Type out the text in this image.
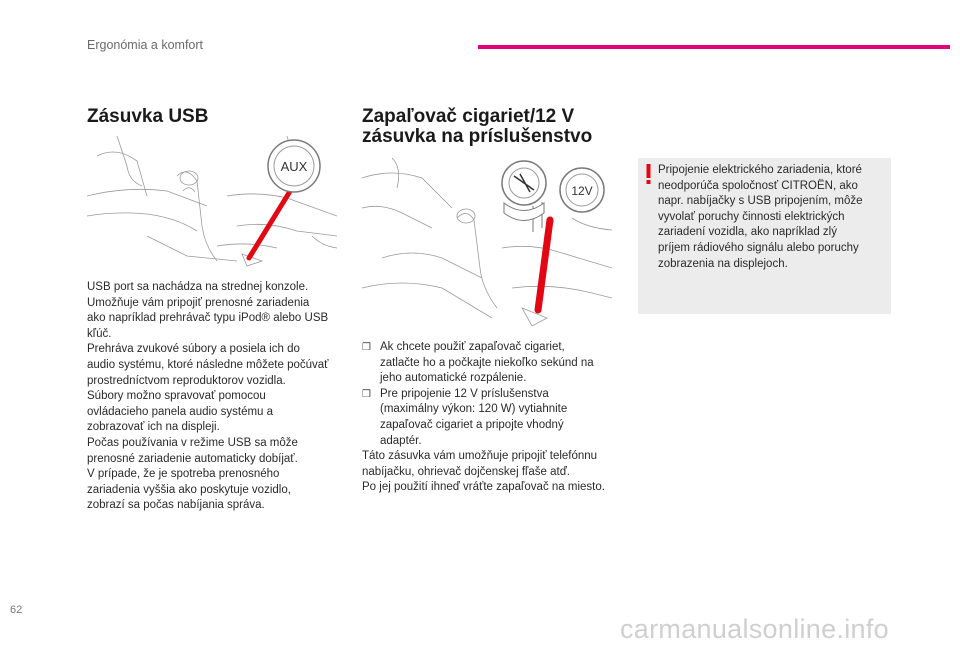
Ergonómia a komfort
Zásuvka USB
AUX

USB port sa nachádza na strednej konzole.

Umožňuje vám pripojiť prenosné zariadenia

ako napríklad prehrávač typu iPod® alebo USB

kľúč.

Prehráva zvukové súbory a posiela ich do

audio systému, ktoré následne môžete počúvať

prostredníctvom reproduktorov vozidla.

Súbory možno spravovať pomocou

ovládacieho panela audio systému a

zobrazovať ich na displeji.

Počas používania v režime USB sa môže

prenosné zariadenie automaticky dobíjať.

V prípade, že je spotreba prenosného

zariadenia vyššia ako poskytuje vozidlo,

zobrazí sa počas nabíjania správa.

Zapaľovač cigariet/12 V
zásuvka na príslušenstvo
12V
❒ Ak chcete použiť zapaľovač cigariet,

zatlačte ho a počkajte niekoľko sekúnd na

jeho automatické rozpálenie.

❒ Pre pripojenie 12 V príslušenstva

(maximálny výkon: 120 W) vytiahnite

zapaľovač cigariet a pripojte vhodný

adaptér.

Táto zásuvka vám umožňuje pripojiť telefónnu

nabíjačku, ohrievač dojčenskej fľaše atď.

Po jej použití ihneď vráťte zapaľovač na miesto.

Pripojenie elektrického zariadenia, ktoré
neodporúča spoločnosť CITROËN, ako
napr. nabíjačky s USB pripojením, môže
vyvolať poruchy činnosti elektrických
zariadení vozidla, ako napríklad zlý
príjem rádiového signálu alebo poruchy
zobrazenia na displejoch.
62
carmanualsonline.info
